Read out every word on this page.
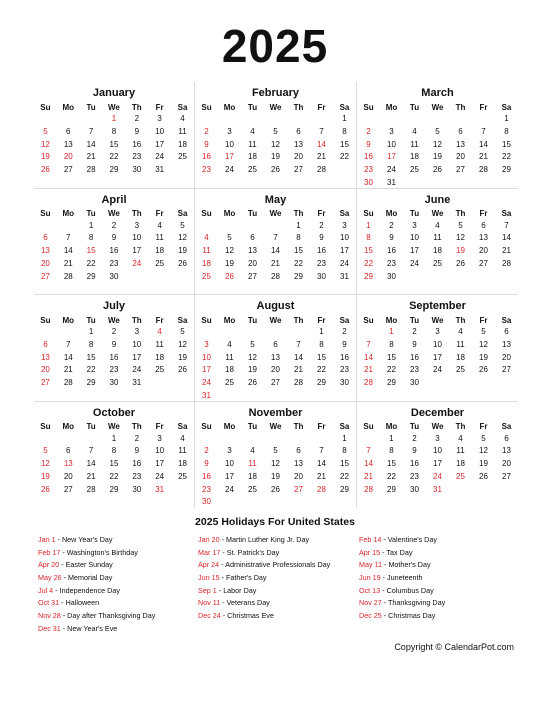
2025
January
Su	Mo	Tu	We	Th	Fr	Sa
			1	2	3	4
5	6	7	8	9	10	11
12	13	14	15	16	17	18
19	20	21	22	23	24	25
26	27	28	29	30	31	
February
Su	Mo	Tu	We	Th	Fr	Sa
						1
2	3	4	5	6	7	8
9	10	11	12	13	14	15
16	17	18	19	20	21	22
23	24	25	26	27	28	
March
Su	Mo	Tu	We	Th	Fr	Sa
						1
2	3	4	5	6	7	8
9	10	11	12	13	14	15
16	17	18	19	20	21	22
23	24	25	26	27	28	29
30	31					
April
Su	Mo	Tu	We	Th	Fr	Sa
		1	2	3	4	5
6	7	8	9	10	11	12
13	14	15	16	17	18	19
20	21	22	23	24	25	26
27	28	29	30			
May
Su	Mo	Tu	We	Th	Fr	Sa
				1	2	3
4	5	6	7	8	9	10
11	12	13	14	15	16	17
18	19	20	21	22	23	24
25	26	27	28	29	30	31
June
Su	Mo	Tu	We	Th	Fr	Sa
1	2	3	4	5	6	7
8	9	10	11	12	13	14
15	16	17	18	19	20	21
22	23	24	25	26	27	28
29	30					
July
Su	Mo	Tu	We	Th	Fr	Sa
		1	2	3	4	5
6	7	8	9	10	11	12
13	14	15	16	17	18	19
20	21	22	23	24	25	26
27	28	29	30	31		
August
Su	Mo	Tu	We	Th	Fr	Sa
					1	2
3	4	5	6	7	8	9
10	11	12	13	14	15	16
17	18	19	20	21	22	23
24	25	26	27	28	29	30
31						
September
Su	Mo	Tu	We	Th	Fr	Sa
	1	2	3	4	5	6
7	8	9	10	11	12	13
14	15	16	17	18	19	20
21	22	23	24	25	26	27
28	29	30				
October
Su	Mo	Tu	We	Th	Fr	Sa
			1	2	3	4
5	6	7	8	9	10	11
12	13	14	15	16	17	18
19	20	21	22	23	24	25
26	27	28	29	30	31	
November
Su	Mo	Tu	We	Th	Fr	Sa
						1
2	3	4	5	6	7	8
9	10	11	12	13	14	15
16	17	18	19	20	21	22
23	24	25	26	27	28	29
30						
December
Su	Mo	Tu	We	Th	Fr	Sa
	1	2	3	4	5	6
7	8	9	10	11	12	13
14	15	16	17	18	19	20
21	22	23	24	25	26	27
28	29	30	31			
2025 Holidays For United States
Jan 1 - New Year's Day
Feb 17 - Washington's Birthday
Apr 20 - Easter Sunday
May 26 - Memorial Day
Jul 4 - Independence Day
Oct 31 - Halloween
Nov 28 - Day after Thanksgiving Day
Dec 31 - New Year's Eve
Jan 20 - Martin Luther King Jr. Day
Mar 17 - St. Patrick's Day
Apr 24 - Administrative Professionals Day
Jun 15 - Father's Day
Sep 1 - Labor Day
Nov 11 - Veterans Day
Dec 24 - Christmas Eve
Feb 14 - Valentine's Day
Apr 15 - Tax Day
May 11 - Mother's Day
Jun 19 - Juneteenth
Oct 13 - Columbus Day
Nov 27 - Thanksgiving Day
Dec 25 - Christmas Day
Copyright © CalendarPot.com
